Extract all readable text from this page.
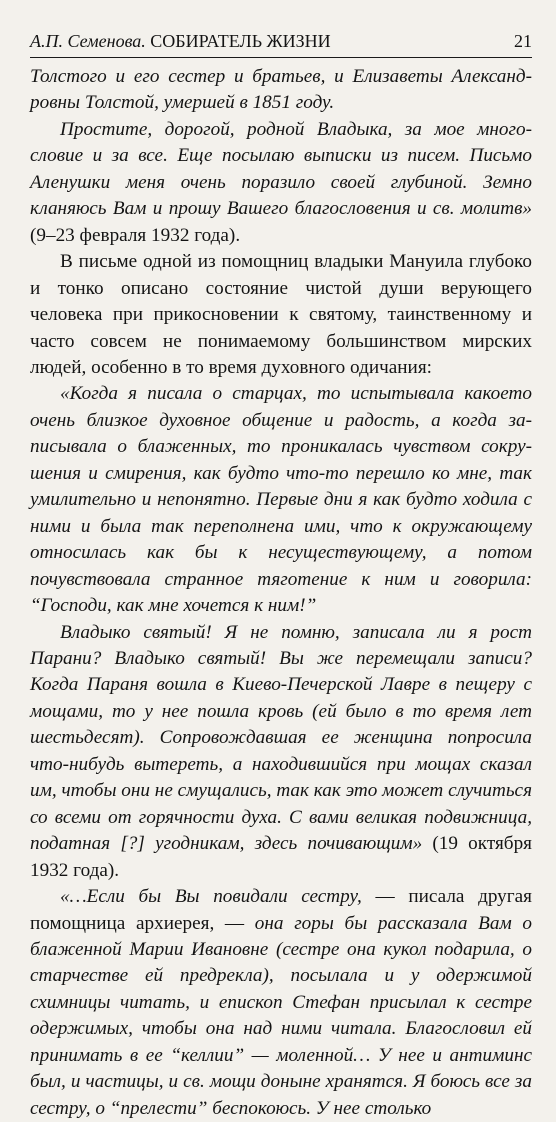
А.П. Семенова. СОБИРАТЕЛЬ ЖИЗНИ	21

Толстого и его сестер и братьев, и Елизаветы Александровны Толстой, умершей в 1851 году.

Простите, дорогой, родной Владыка, за мое многословие и за все. Еще посылаю выписки из писем. Письмо Аленушки меня очень поразило своей глубиной. Земно кланяюсь Вам и прошу Вашего благословения и св. молитв» (9–23 февраля 1932 года).

В письме одной из помощниц владыки Мануила глубоко и тонко описано состояние чистой души верующего человека при прикосновении к святому, таинственному и часто совсем не понимаемому большинством мирских людей, особенно в то время духовного одичания:

«Когда я писала о старцах, то испытывала какоето очень близкое духовное общение и радость, а когда записывала о блаженных, то проникалась чувством сокрушения и смирения, как будто что-то перешло ко мне, так умилительно и непонятно. Первые дни я как будто ходила с ними и была так переполнена ими, что к окружающему относилась как бы к несуществующему, а потом почувствовала странное тяготение к ним и говорила: “Господи, как мне хочется к ним!”

Владыко святый! Я не помню, записала ли я рост Парани? Владыко святый! Вы же перемещали записи? Когда Параня вошла в Киево-Печерской Лавре в пещеру с мощами, то у нее пошла кровь (ей было в то время лет шестьдесят). Сопровождавшая ее женщина попросила что-нибудь вытереть, а находившийся при мощах сказал им, чтобы они не смущались, так как это может случиться со всеми от горячности духа. С вами великая подвижница, податная [?] угодникам, здесь почивающим» (19 октября 1932 года).

«…Если бы Вы повидали сестру, — писала другая помощница архиерея, — она горы бы рассказала Вам о блаженной Марии Ивановне (сестре она кукол подарила, о старчестве ей предрекла), посылала и у одержимой схимницы читать, и епископ Стефан присылал к сестре одержимых, чтобы она над ними читала. Благословил ей принимать в ее “келлии” — моленной… У нее и антиминс был, и частицы, и св. мощи доныне хранятся. Я боюсь все за сестру, о “прелести” беспокоюсь. У нее столько
